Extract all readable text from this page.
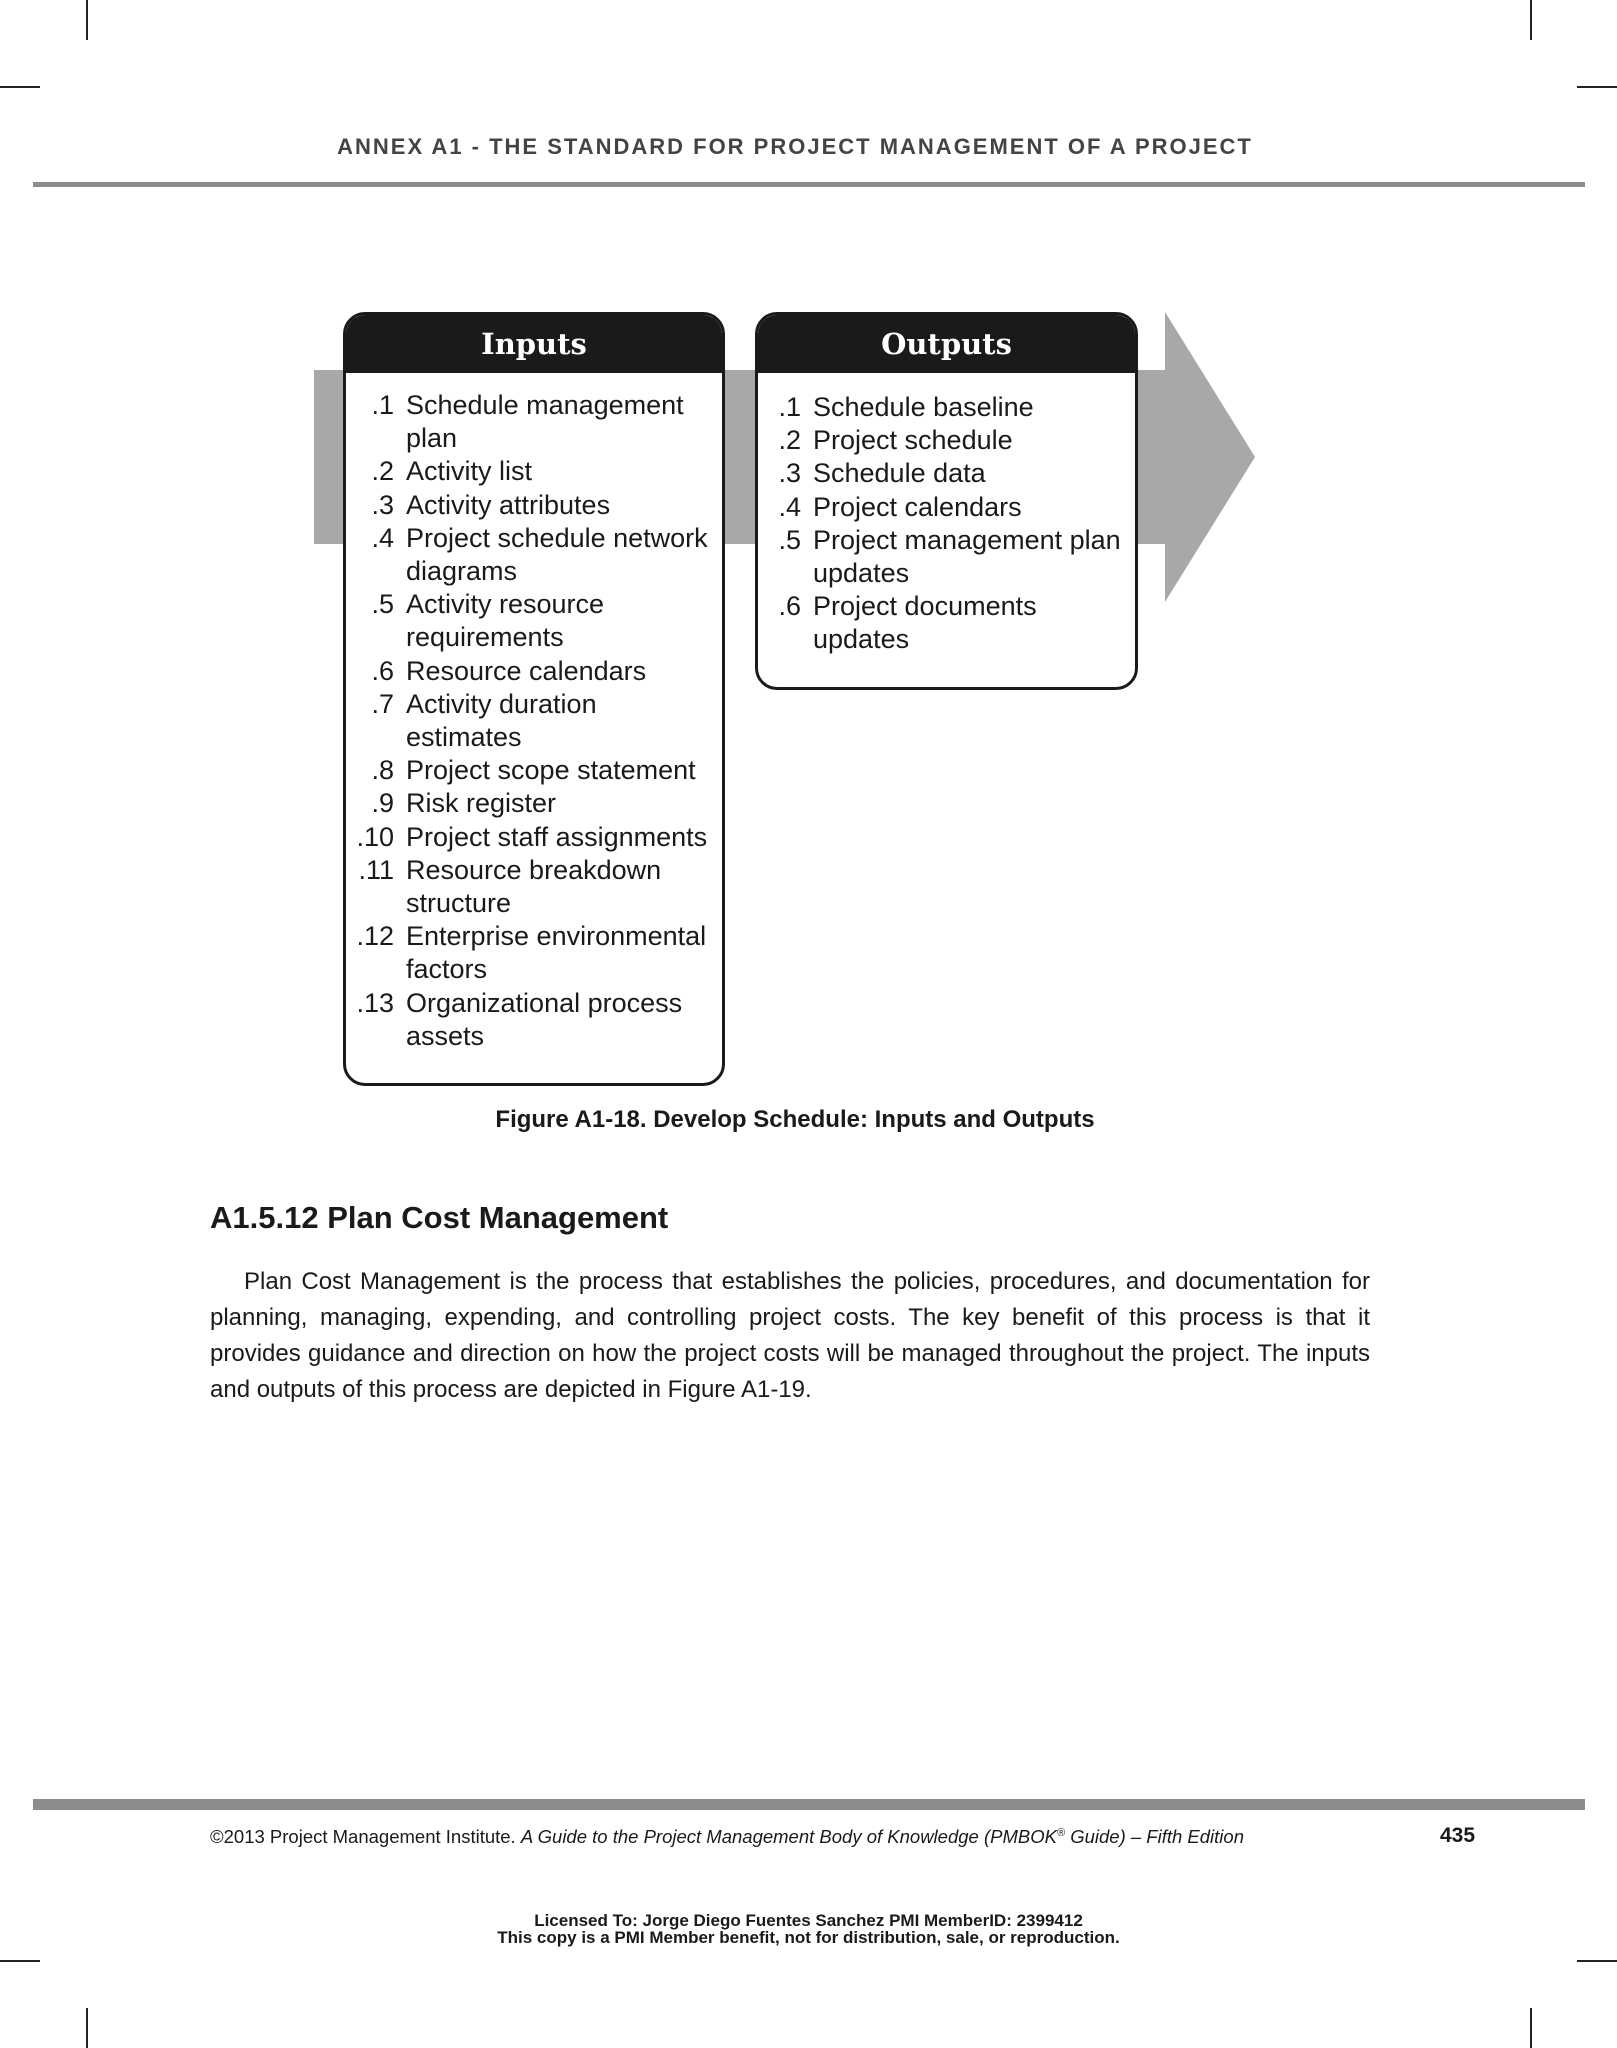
ANNEX A1 - THE STANDARD FOR PROJECT MANAGEMENT OF A PROJECT
Inputs
.1 Schedule management plan
.2 Activity list
.3 Activity attributes
.4 Project schedule network diagrams
.5 Activity resource requirements
.6 Resource calendars
.7 Activity duration estimates
.8 Project scope statement
.9 Risk register
.10 Project staff assignments
.11 Resource breakdown structure
.12 Enterprise environmental factors
.13 Organizational process assets
Outputs
.1 Schedule baseline
.2 Project schedule
.3 Schedule data
.4 Project calendars
.5 Project management plan updates
.6 Project documents updates
Figure A1-18. Develop Schedule: Inputs and Outputs
A1.5.12 Plan Cost Management

Plan Cost Management is the process that establishes the policies, procedures, and documentation for planning, managing, expending, and controlling project costs. The key benefit of this process is that it provides guidance and direction on how the project costs will be managed throughout the project. The inputs and outputs of this process are depicted in Figure A1-19.

©2013 Project Management Institute. A Guide to the Project Management Body of Knowledge (PMBOK® Guide) – Fifth Edition	435
Licensed To: Jorge Diego Fuentes Sanchez PMI MemberID: 2399412
This copy is a PMI Member benefit, not for distribution, sale, or reproduction.
